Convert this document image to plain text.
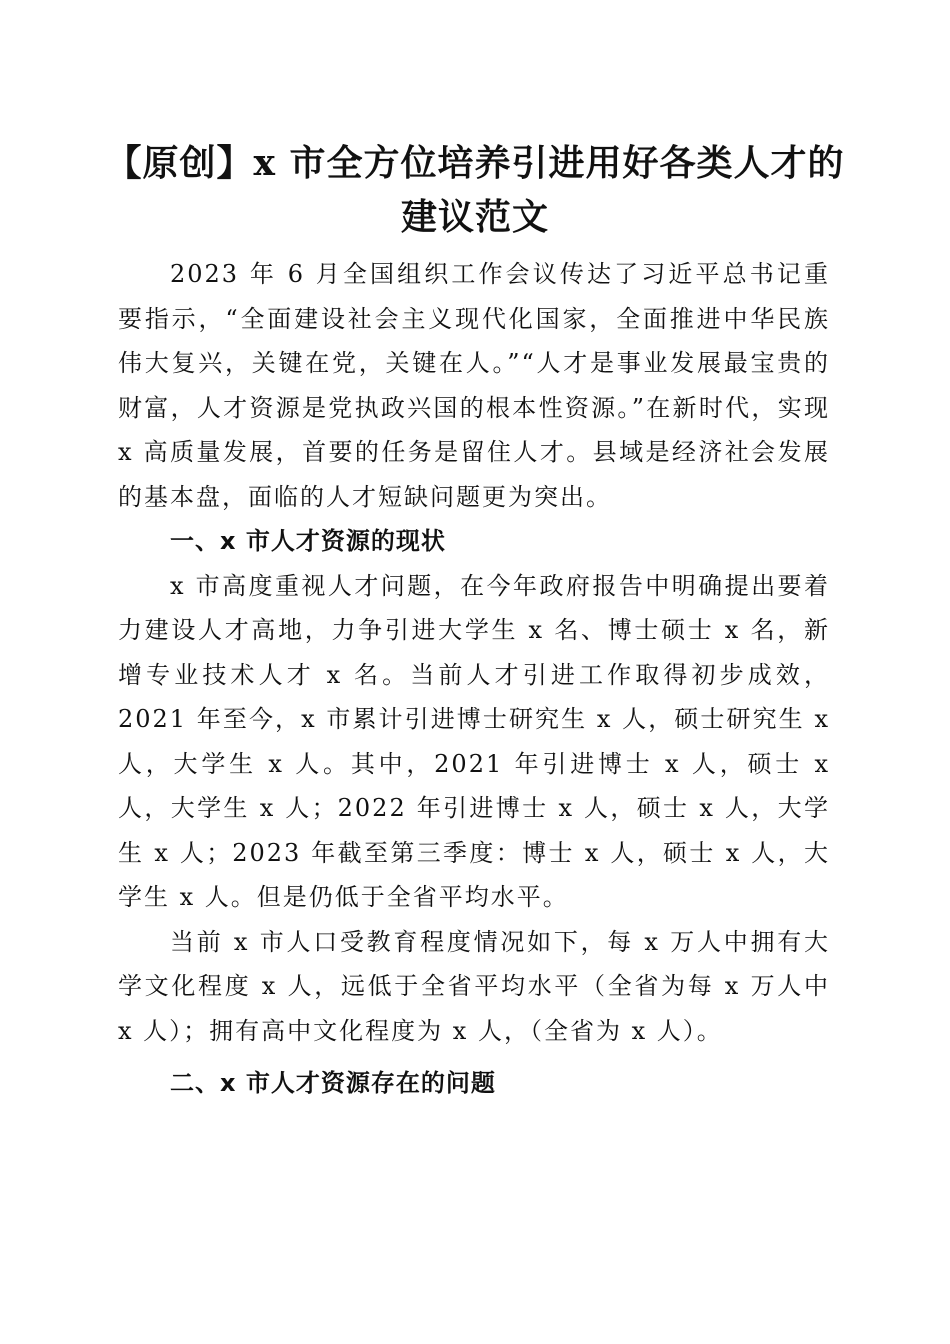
【原创】x 市全方位培养引进用好各类人才的
建议范文

2023 年 6 月全国组织工作会议传达了习近平总书记重要指示，“全面建设社会主义现代化国家，全面推进中华民族伟大复兴，关键在党，关键在人。”“人才是事业发展最宝贵的财富，人才资源是党执政兴国的根本性资源。”在新时代，实现 x 高质量发展，首要的任务是留住人才。县域是经济社会发展的基本盘，面临的人才短缺问题更为突出。

一、x 市人才资源的现状

x 市高度重视人才问题，在今年政府报告中明确提出要着力建设人才高地，力争引进大学生 x 名、博士硕士 x 名，新增专业技术人才 x 名。当前人才引进工作取得初步成效，2021 年至今，x 市累计引进博士研究生 x 人，硕士研究生 x 人，大学生 x 人。其中，2021 年引进博士 x 人，硕士 x 人，大学生 x 人；2022 年引进博士 x 人，硕士 x 人，大学生 x 人；2023 年截至第三季度：博士 x 人，硕士 x 人，大学生 x 人。但是仍低于全省平均水平。

当前 x 市人口受教育程度情况如下，每 x 万人中拥有大学文化程度 x 人，远低于全省平均水平（全省为每 x 万人中 x 人）；拥有高中文化程度为 x 人，（全省为 x 人）。

二、x 市人才资源存在的问题
